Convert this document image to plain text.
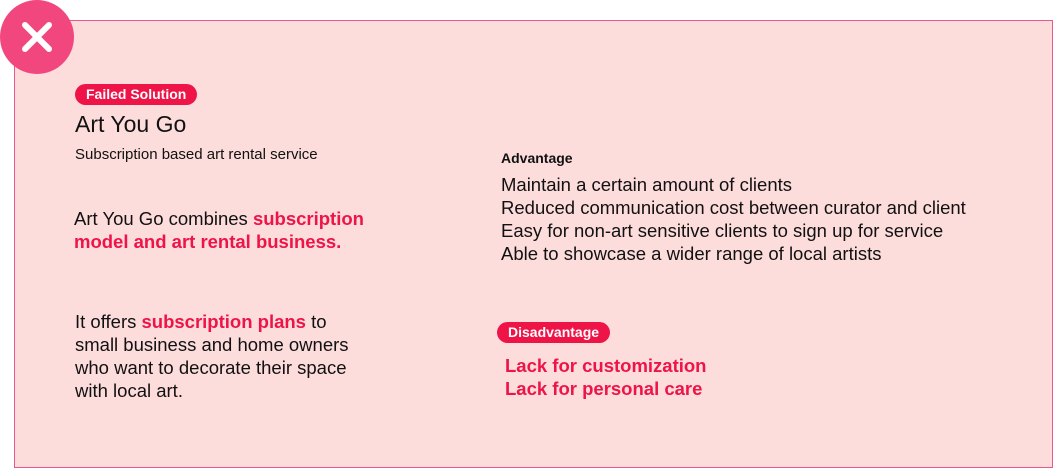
Failed Solution
Art You Go
Subscription based art rental service
Art You Go combines subscription model and art rental business.
It offers subscription plans to small business and home owners who want to decorate their space with local art.
Advantage
Maintain a certain amount of clients
Reduced communication cost between curator and client
Easy for non-art sensitive clients to sign up for service
Able to showcase a wider range of local artists
Disadvantage
Lack for customization
Lack for personal care
